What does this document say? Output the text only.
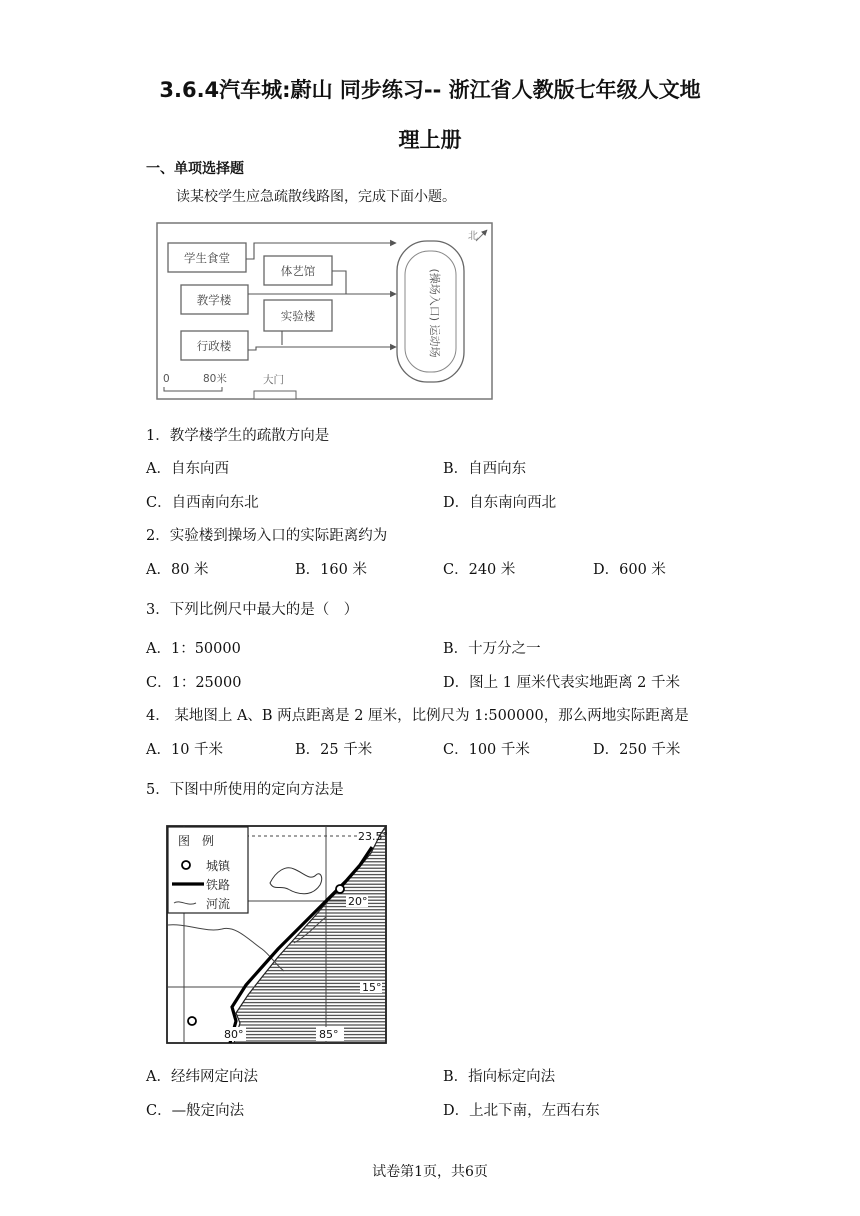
3.6.4汽车城:蔚山 同步练习-- 浙江省人教版七年级人文地
理上册
一、单项选择题
读某校学生应急疏散线路图，完成下面小题。
学生食堂
教学楼
行政楼
体艺馆
实验楼	(操场入口) 运动场
北
0	80米	大门
1．教学楼学生的疏散方向是
A．自东向西	B．自西向东
C．自西南向东北	D．自东南向西北
2．实验楼到操场入口的实际距离约为
A．80 米	B．160 米	C．240 米	D．600 米
3．下列比例尺中最大的是（　）
A．1：50000	B．十万分之一
C．1：25000	D．图上 1 厘米代表实地距离 2 千米
4． 某地图上 A、B 两点距离是 2 厘米，比例尺为 1:500000，那么两地实际距离是
A．10 千米	B．25 千米	C．100 千米	D．250 千米
5．下图中所使用的定向方法是
图　例
城镇
铁路
河流
23.5°
20°
15°
80°	85°
A．经纬网定向法	B．指向标定向法
C．—般定向法	D．上北下南，左西右东
试卷第1页，共6页
